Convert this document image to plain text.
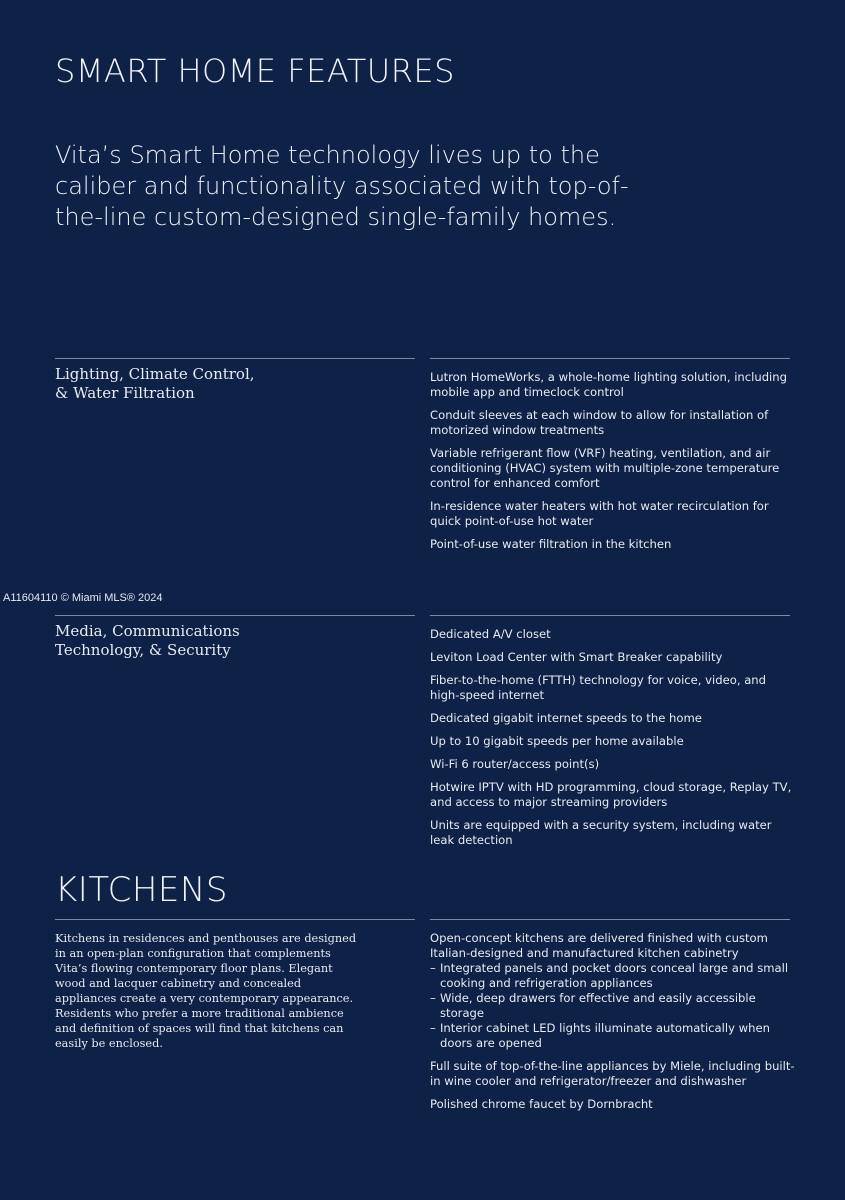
SMART HOME FEATURES

Vita’s Smart Home technology lives up to the caliber and functionality associated with top-of-the-line custom-designed single-family homes.

Lighting, Climate Control,
& Water Filtration
Lutron HomeWorks, a whole-home lighting solution, including mobile app and timeclock control
Conduit sleeves at each window to allow for installation of motorized window treatments
Variable refrigerant flow (VRF) heating, ventilation, and air conditioning (HVAC) system with multiple-zone temperature control for enhanced comfort
In-residence water heaters with hot water recirculation for quick point-of-use hot water
Point-of-use water filtration in the kitchen
A11604110 © Miami MLS® 2024
Media, Communications
Technology, & Security
Dedicated A/V closet
Leviton Load Center with Smart Breaker capability
Fiber-to-the-home (FTTH) technology for voice, video, and high-speed internet
Dedicated gigabit internet speeds to the home
Up to 10 gigabit speeds per home available
Wi-Fi 6 router/access point(s)
Hotwire IPTV with HD programming, cloud storage, Replay TV, and access to major streaming providers
Units are equipped with a security system, including water leak detection
KITCHENS

Kitchens in residences and penthouses are designed in an open-plan configuration that complements Vita’s flowing contemporary floor plans. Elegant wood and lacquer cabinetry and concealed appliances create a very contemporary appearance. Residents who prefer a more traditional ambience and definition of spaces will find that kitchens can easily be enclosed.

Open-concept kitchens are delivered finished with custom Italian-designed and manufactured kitchen cabinetry

– Integrated panels and pocket doors conceal large and small cooking and refrigeration appliances
– Wide, deep drawers for effective and easily accessible storage
– Interior cabinet LED lights illuminate automatically when doors are opened

Full suite of top-of-the-line appliances by Miele, including built-in wine cooler and refrigerator/freezer and dishwasher

Polished chrome faucet by Dornbracht
